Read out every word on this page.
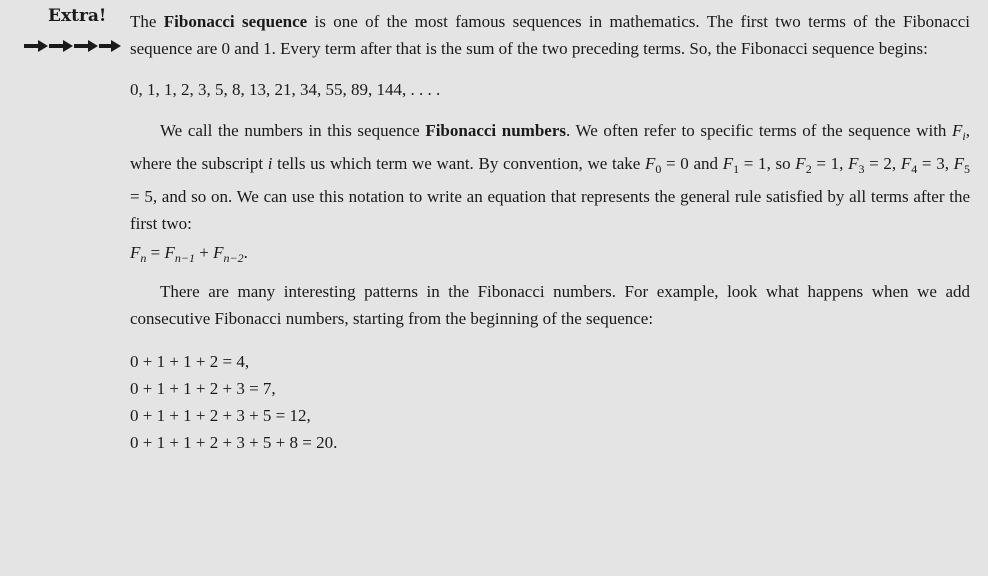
Extra! The Fibonacci sequence is one of the most famous sequences in mathematics. The first two terms of the Fibonacci sequence are 0 and 1. Every term after that is the sum of the two preceding terms. So, the Fibonacci sequence begins:

0, 1, 1, 2, 3, 5, 8, 13, 21, 34, 55, 89, 144, . . . .

We call the numbers in this sequence Fibonacci numbers. We often refer to specific terms of the sequence with $F_i$, where the subscript i tells us which term we want. By convention, we take $F_0 = 0$ and $F_1 = 1$, so $F_2 = 1$, $F_3 = 2$, $F_4 = 3$, $F_5 = 5$, and so on. We can use this notation to write an equation that represents the general rule satisfied by all terms after the first two:

$F_n = F_{n-1} + F_{n-2}$.

There are many interesting patterns in the Fibonacci numbers. For example, look what happens when we add consecutive Fibonacci numbers, starting from the beginning of the sequence:

0 + 1 + 1 + 2 = 4,

0 + 1 + 1 + 2 + 3 = 7,

0 + 1 + 1 + 2 + 3 + 5 = 12,

0 + 1 + 1 + 2 + 3 + 5 + 8 = 20.
